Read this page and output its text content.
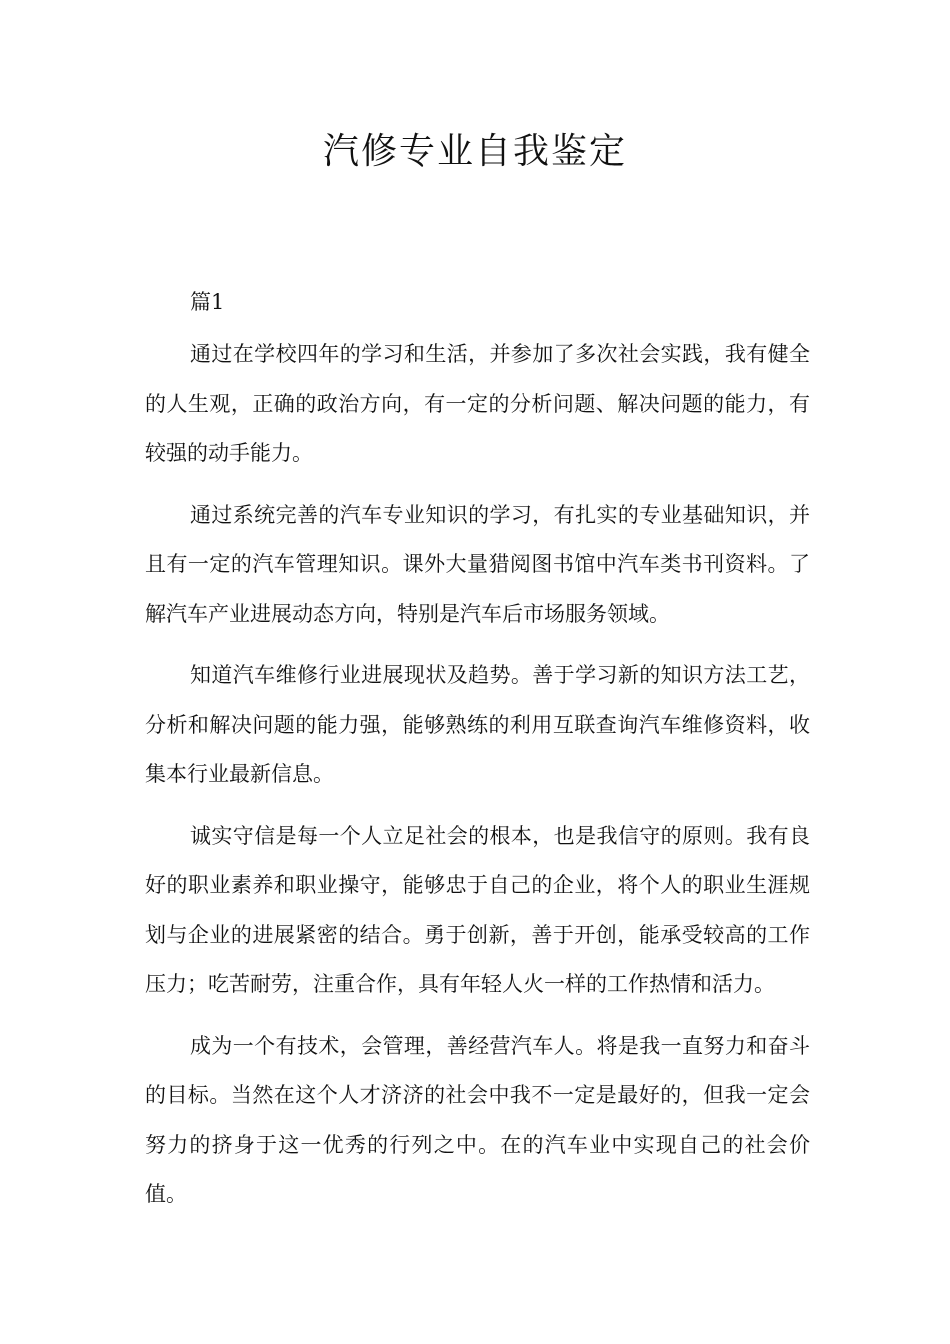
汽修专业自我鉴定

篇1

通过在学校四年的学习和生活，并参加了多次社会实践，我有健全的人生观，正确的政治方向，有一定的分析问题、解决问题的能力，有较强的动手能力。

通过系统完善的汽车专业知识的学习，有扎实的专业基础知识，并且有一定的汽车管理知识。课外大量猎阅图书馆中汽车类书刊资料。了解汽车产业进展动态方向，特别是汽车后市场服务领域。

知道汽车维修行业进展现状及趋势。善于学习新的知识方法工艺，分析和解决问题的能力强，能够熟练的利用互联查询汽车维修资料，收集本行业最新信息。

诚实守信是每一个人立足社会的根本，也是我信守的原则。我有良好的职业素养和职业操守，能够忠于自己的企业，将个人的职业生涯规划与企业的进展紧密的结合。勇于创新，善于开创，能承受较高的工作压力；吃苦耐劳，注重合作，具有年轻人火一样的工作热情和活力。

成为一个有技术，会管理，善经营汽车人。将是我一直努力和奋斗的目标。当然在这个人才济济的社会中我不一定是最好的，但我一定会努力的挤身于这一优秀的行列之中。在的汽车业中实现自己的社会价值。
